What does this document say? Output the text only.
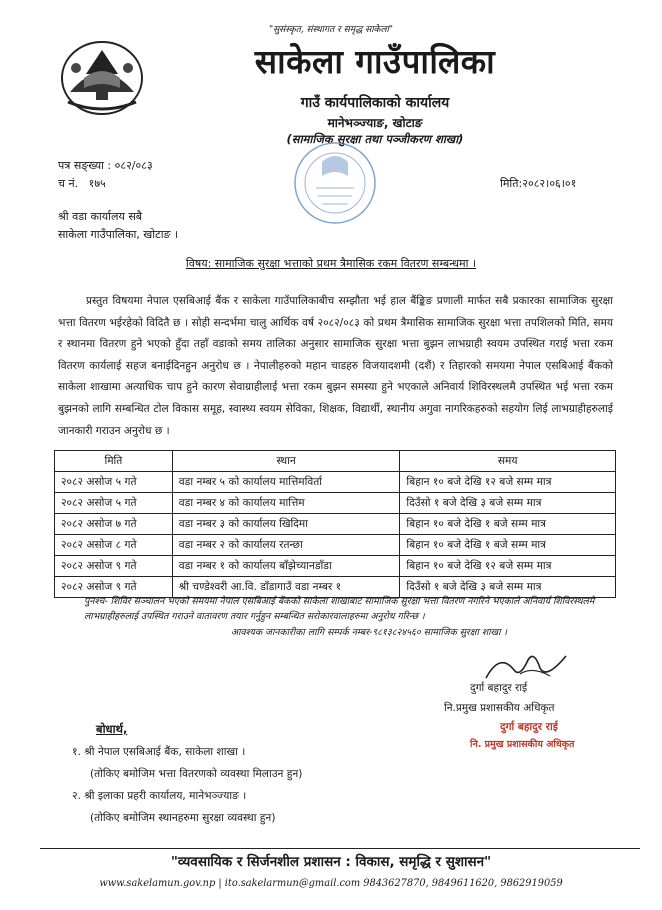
"सुसंस्कृत, संस्थागत र समृद्ध साकेला"
साकेला गाउँपालिका
गाउँ कार्यपालिकाको कार्यालय
मानेभञ्ज्याङ, खोटाङ
(सामाजिक सुरक्षा तथा पञ्जीकरण शाखा)
पत्र सङ्ख्या : ०८२/०८३
च नं. १७५	मिति:२०८२।०६।०१
श्री वडा कार्यालय सबै
साकेला गाउँपालिका, खोटाङ ।
विषय: सामाजिक सुरक्षा भत्ताको प्रथम त्रैमासिक रकम वितरण सम्बन्धमा ।
प्रस्तुत विषयमा नेपाल एसबिआई बैंक र साकेला गाउँपालिकाबीच सम्झौता भई हाल बैंङ्किङ प्रणाली मार्फत सबै प्रकारका सामाजिक सुरक्षा भत्ता वितरण भईरहेको विदितै छ । सोही सन्दर्भमा चालु आर्थिक वर्ष २०८२/०८३ को प्रथम त्रैमासिक सामाजिक सुरक्षा भत्ता तपशिलको मिति, समय र स्थानमा वितरण हुने भएको हुँदा तहाँ वडाको समय तालिका अनुसार सामाजिक सुरक्षा भत्ता बुझन लाभग्राही स्वयम उपस्थित गराई भत्ता रकम वितरण कार्यलाई सहज बनाईदिनहुन अनुरोध छ । नेपालीहरुको महान चाडहरु विजयादशमी (दशैं) र तिहारको समयमा नेपाल एसबिआई बैंकको साकेला शाखामा अत्याधिक चाप हुने कारण सेवाग्राहीलाई भत्ता रकम बुझन समस्या हुने भएकाले अनिवार्य शिविरस्थलमै उपस्थित भई भत्ता रकम बुझनको लागि सम्बन्धित टोल विकास समूह, स्वास्थ्य स्वयम सेविका, शिक्षक, विद्यार्थी, स्थानीय अगुवा नागरिकहरुको सहयोग लिई लाभग्राहीहरुलाई जानकारी गराउन अनुरोध छ ।
मिति	स्थान	समय
२०८२ असोज ५ गते	वडा नम्बर ५ को कार्यालय मात्तिमविर्ता	बिहान १० बजे देखि १२ बजे सम्म मात्र
२०८२ असोज ५ गते	वडा नम्बर ४ को कार्यालय मात्तिम	दिउँसो १ बजे देखि ३ बजे सम्म मात्र
२०८२ असोज ७ गते	वडा नम्बर ३ को कार्यालय खिदिमा	बिहान १० बजे देखि १ बजे सम्म मात्र
२०८२ असोज ८ गते	वडा नम्बर २ को कार्यालय रतन्छा	बिहान १० बजे देखि १ बजे सम्म मात्र
२०८२ असोज ९ गते	वडा नम्बर १ को कार्यालय बाँझेच्यानडाँडा	बिहान १० बजे देखि १२ बजे सम्म मात्र
२०८२ असोज ९ गते	श्री चण्डेश्वरी आ.वि. डाँडागाउँ वडा नम्बर १	दिउँसो १ बजे देखि ३ बजे सम्म मात्र
पुनश्च- शिविर सञ्चालन भएको समयमा नेपाल एसबिआई बैंकको साकेला शाखाबाट सामाजिक सुरक्षा भत्ता वितरण नगरिने भएकाले अनिवार्य शिविरस्थलमै लाभग्राहीहरुलाई उपस्थित गराउने वातावरण तयार गर्नुहुन सम्बन्धित सरोकारवालाहरुमा अनुरोध गरिन्छ ।
आवश्यक जानकारीका लागि सम्पर्क नम्बर-९८१३८२४५६० सामाजिक सुरक्षा शाखा ।
दुर्गा बहादुर राई
नि.प्रमुख प्रशासकीय अधिकृत
दुर्गा बहादुर राई
नि. प्रमुख प्रशासकीय अधिकृत
बोधार्थ,
१. श्री नेपाल एसबिआई बैंक, साकेला शाखा ।
(तोकिए बमोजिम भत्ता वितरणको व्यवस्था मिलाउन हुन)
२. श्री इलाका प्रहरी कार्यालय, मानेभञ्ज्याङ ।
(तोकिए बमोजिम स्थानहरुमा सुरक्षा व्यवस्था हुन)
"व्यवसायिक र सिर्जनशील प्रशासन : विकास, समृद्धि र सुशासन"
www.sakelamun.gov.np | ito.sakelarmun@gmail.com 9843627870, 9849611620, 9862919059
